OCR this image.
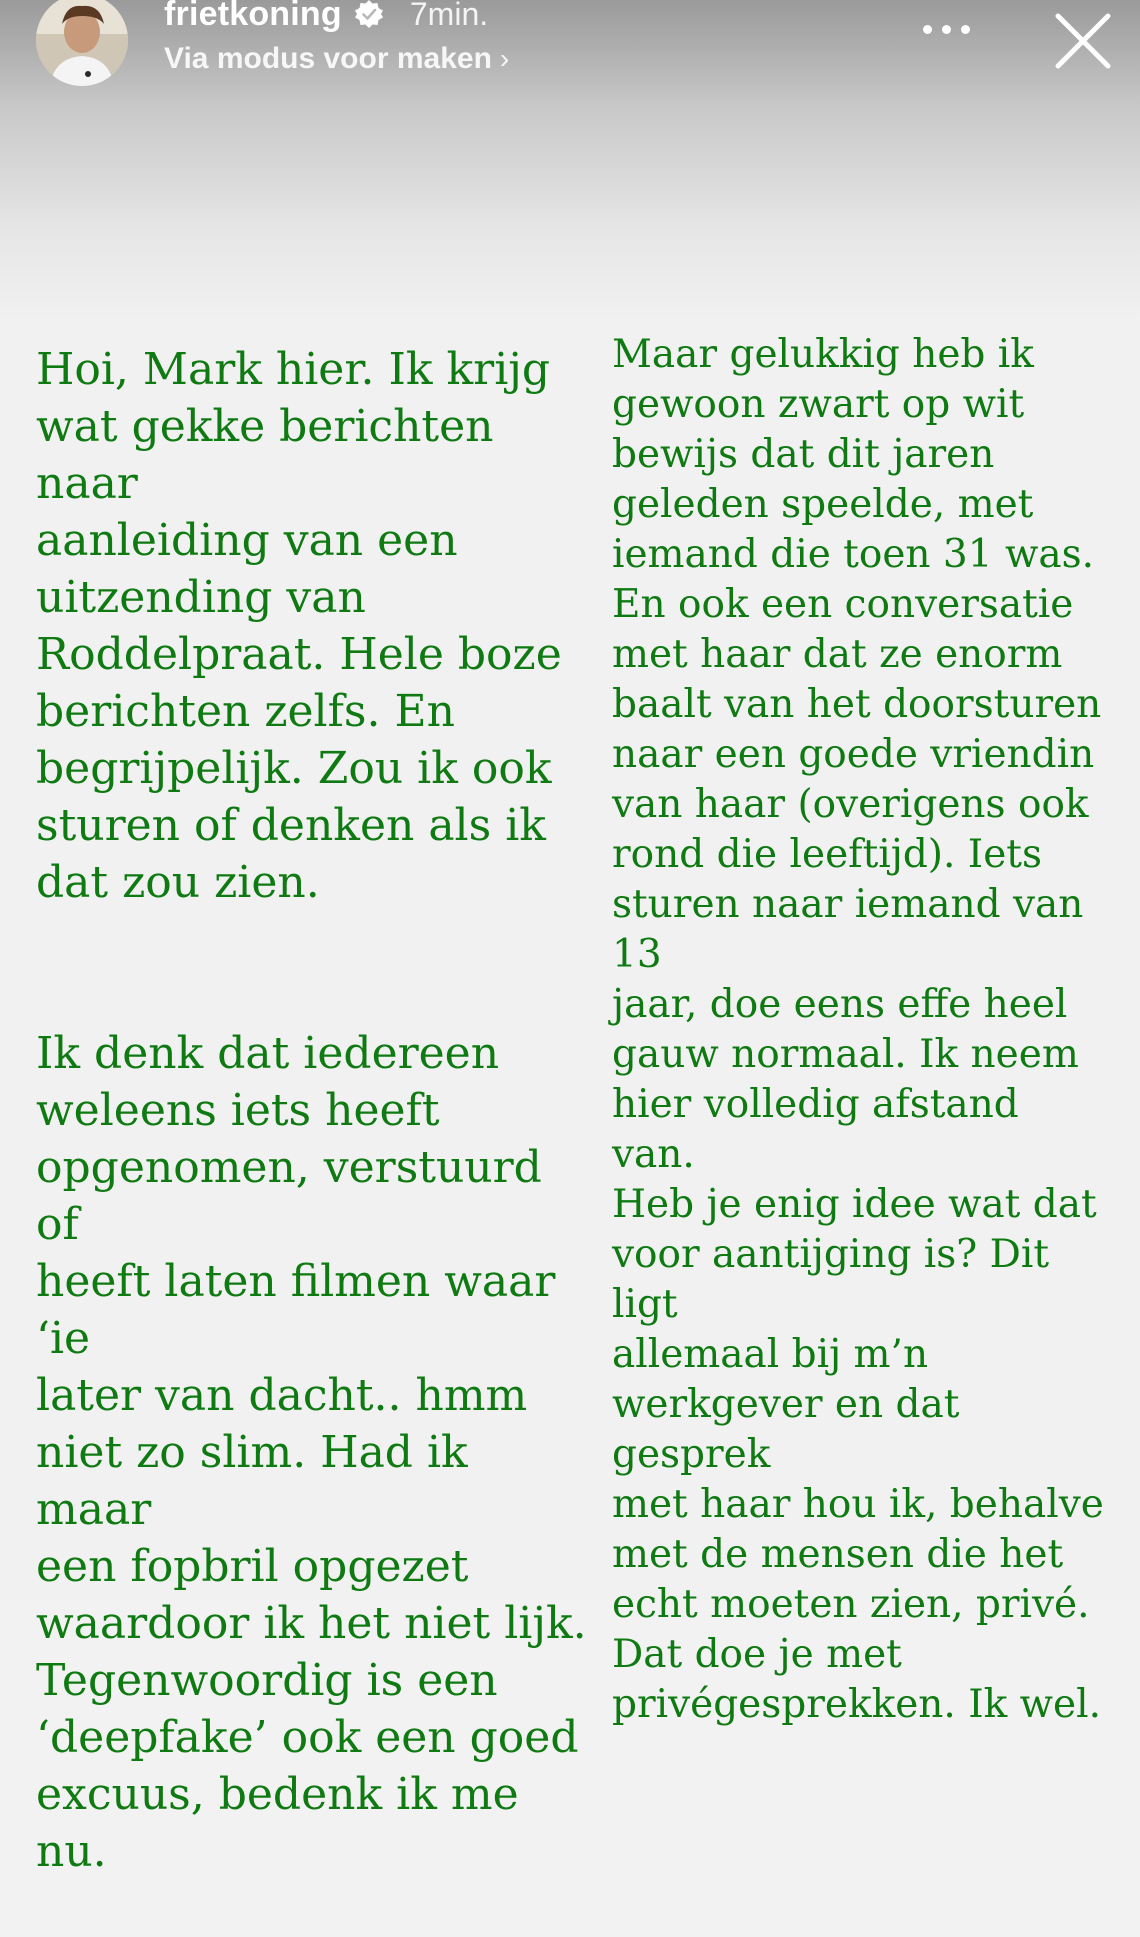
frietkoning 7min.
Via modus voor maken ›

Hoi, Mark hier. Ik krijg
wat gekke berichten naar
aanleiding van een
uitzending van
Roddelpraat. Hele boze
berichten zelfs. En
begrijpelijk. Zou ik ook
sturen of denken als ik
dat zou zien.

Ik denk dat iedereen
weleens iets heeft
opgenomen, verstuurd of
heeft laten filmen waar ‘ie
later van dacht.. hmm
niet zo slim. Had ik maar
een fopbril opgezet
waardoor ik het niet lijk.
Tegenwoordig is een
‘deepfake’ ook een goed
excuus, bedenk ik me nu.

Maar gelukkig heb ik
gewoon zwart op wit
bewijs dat dit jaren
geleden speelde, met
iemand die toen 31 was.
En ook een conversatie
met haar dat ze enorm
baalt van het doorsturen
naar een goede vriendin
van haar (overigens ook
rond die leeftijd). Iets
sturen naar iemand van 13
jaar, doe eens effe heel
gauw normaal. Ik neem
hier volledig afstand van.
Heb je enig idee wat dat
voor aantijging is? Dit ligt
allemaal bij m’n
werkgever en dat gesprek
met haar hou ik, behalve
met de mensen die het
echt moeten zien, privé.
Dat doe je met
privégesprekken. Ik wel.
